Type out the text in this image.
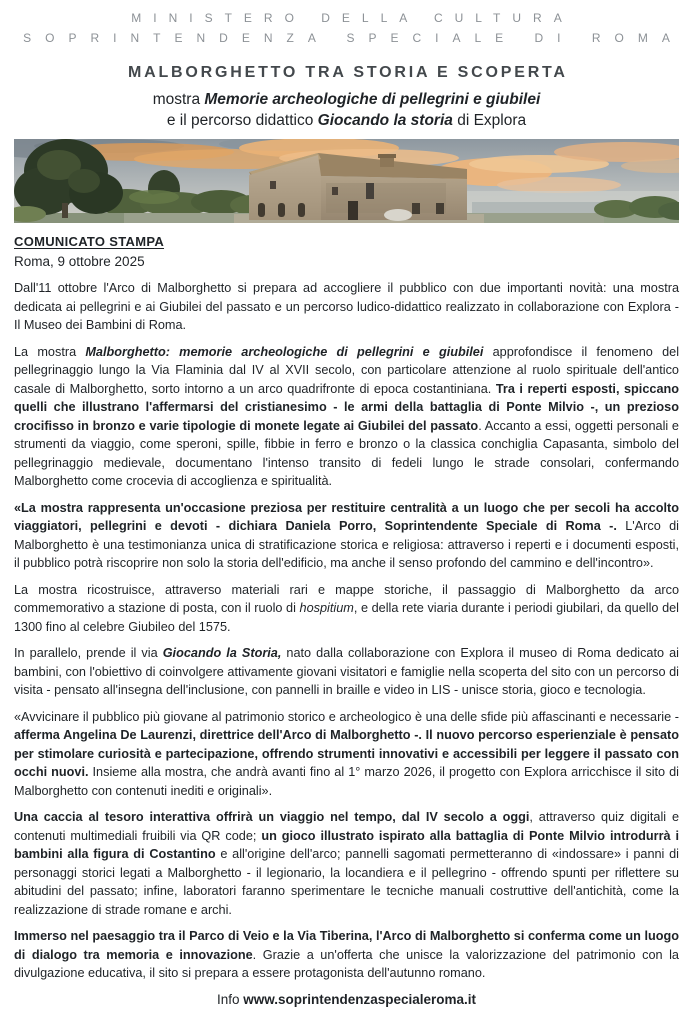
MINISTERO DELLA CULTURA
SOPRINTENDENZA SPECIALE DI ROMA
MALBORGHETTO TRA STORIA E SCOPERTA
mostra Memorie archeologiche di pellegrini e giubilei
e il percorso didattico Giocando la storia di Explora
COMUNICATO STAMPA
Roma, 9 ottobre 2025

Dall'11 ottobre l'Arco di Malborghetto si prepara ad accogliere il pubblico con due importanti novità: una mostra dedicata ai pellegrini e ai Giubilei del passato e un percorso ludico-didattico realizzato in collaborazione con Explora - Il Museo dei Bambini di Roma.

La mostra Malborghetto: memorie archeologiche di pellegrini e giubilei approfondisce il fenomeno del pellegrinaggio lungo la Via Flaminia dal IV al XVII secolo, con particolare attenzione al ruolo spirituale dell'antico casale di Malborghetto, sorto intorno a un arco quadrifronte di epoca costantiniana. Tra i reperti esposti, spiccano quelli che illustrano l'affermarsi del cristianesimo - le armi della battaglia di Ponte Milvio -, un prezioso crocifisso in bronzo e varie tipologie di monete legate ai Giubilei del passato. Accanto a essi, oggetti personali e strumenti da viaggio, come speroni, spille, fibbie in ferro e bronzo o la classica conchiglia Capasanta, simbolo del pellegrinaggio medievale, documentano l'intenso transito di fedeli lungo le strade consolari, confermando Malborghetto come crocevia di accoglienza e spiritualità.

«La mostra rappresenta un'occasione preziosa per restituire centralità a un luogo che per secoli ha accolto viaggiatori, pellegrini e devoti - dichiara Daniela Porro, Soprintendente Speciale di Roma -. L'Arco di Malborghetto è una testimonianza unica di stratificazione storica e religiosa: attraverso i reperti e i documenti esposti, il pubblico potrà riscoprire non solo la storia dell'edificio, ma anche il senso profondo del cammino e dell'incontro».

La mostra ricostruisce, attraverso materiali rari e mappe storiche, il passaggio di Malborghetto da arco commemorativo a stazione di posta, con il ruolo di hospitium, e della rete viaria durante i periodi giubilari, da quello del 1300 fino al celebre Giubileo del 1575.

In parallelo, prende il via Giocando la Storia, nato dalla collaborazione con Explora il museo di Roma dedicato ai bambini, con l'obiettivo di coinvolgere attivamente giovani visitatori e famiglie nella scoperta del sito con un percorso di visita - pensato all'insegna dell'inclusione, con pannelli in braille e video in LIS - unisce storia, gioco e tecnologia.

«Avvicinare il pubblico più giovane al patrimonio storico e archeologico è una delle sfide più affascinanti e necessarie - afferma Angelina De Laurenzi, direttrice dell'Arco di Malborghetto -. Il nuovo percorso esperienziale è pensato per stimolare curiosità e partecipazione, offrendo strumenti innovativi e accessibili per leggere il passato con occhi nuovi. Insieme alla mostra, che andrà avanti fino al 1° marzo 2026, il progetto con Explora arricchisce il sito di Malborghetto con contenuti inediti e originali».

Una caccia al tesoro interattiva offrirà un viaggio nel tempo, dal IV secolo a oggi, attraverso quiz digitali e contenuti multimediali fruibili via QR code; un gioco illustrato ispirato alla battaglia di Ponte Milvio introdurrà i bambini alla figura di Costantino e all'origine dell'arco; pannelli sagomati permetteranno di «indossare» i panni di personaggi storici legati a Malborghetto - il legionario, la locandiera e il pellegrino - offrendo spunti per riflettere su abitudini del passato; infine, laboratori faranno sperimentare le tecniche manuali costruttive dell'antichità, come la realizzazione di strade romane e archi.

Immerso nel paesaggio tra il Parco di Veio e la Via Tiberina, l'Arco di Malborghetto si conferma come un luogo di dialogo tra memoria e innovazione. Grazie a un'offerta che unisce la valorizzazione del patrimonio con la divulgazione educativa, il sito si prepara a essere protagonista dell'autunno romano.

Info www.soprintendenzaspecialeroma.it
